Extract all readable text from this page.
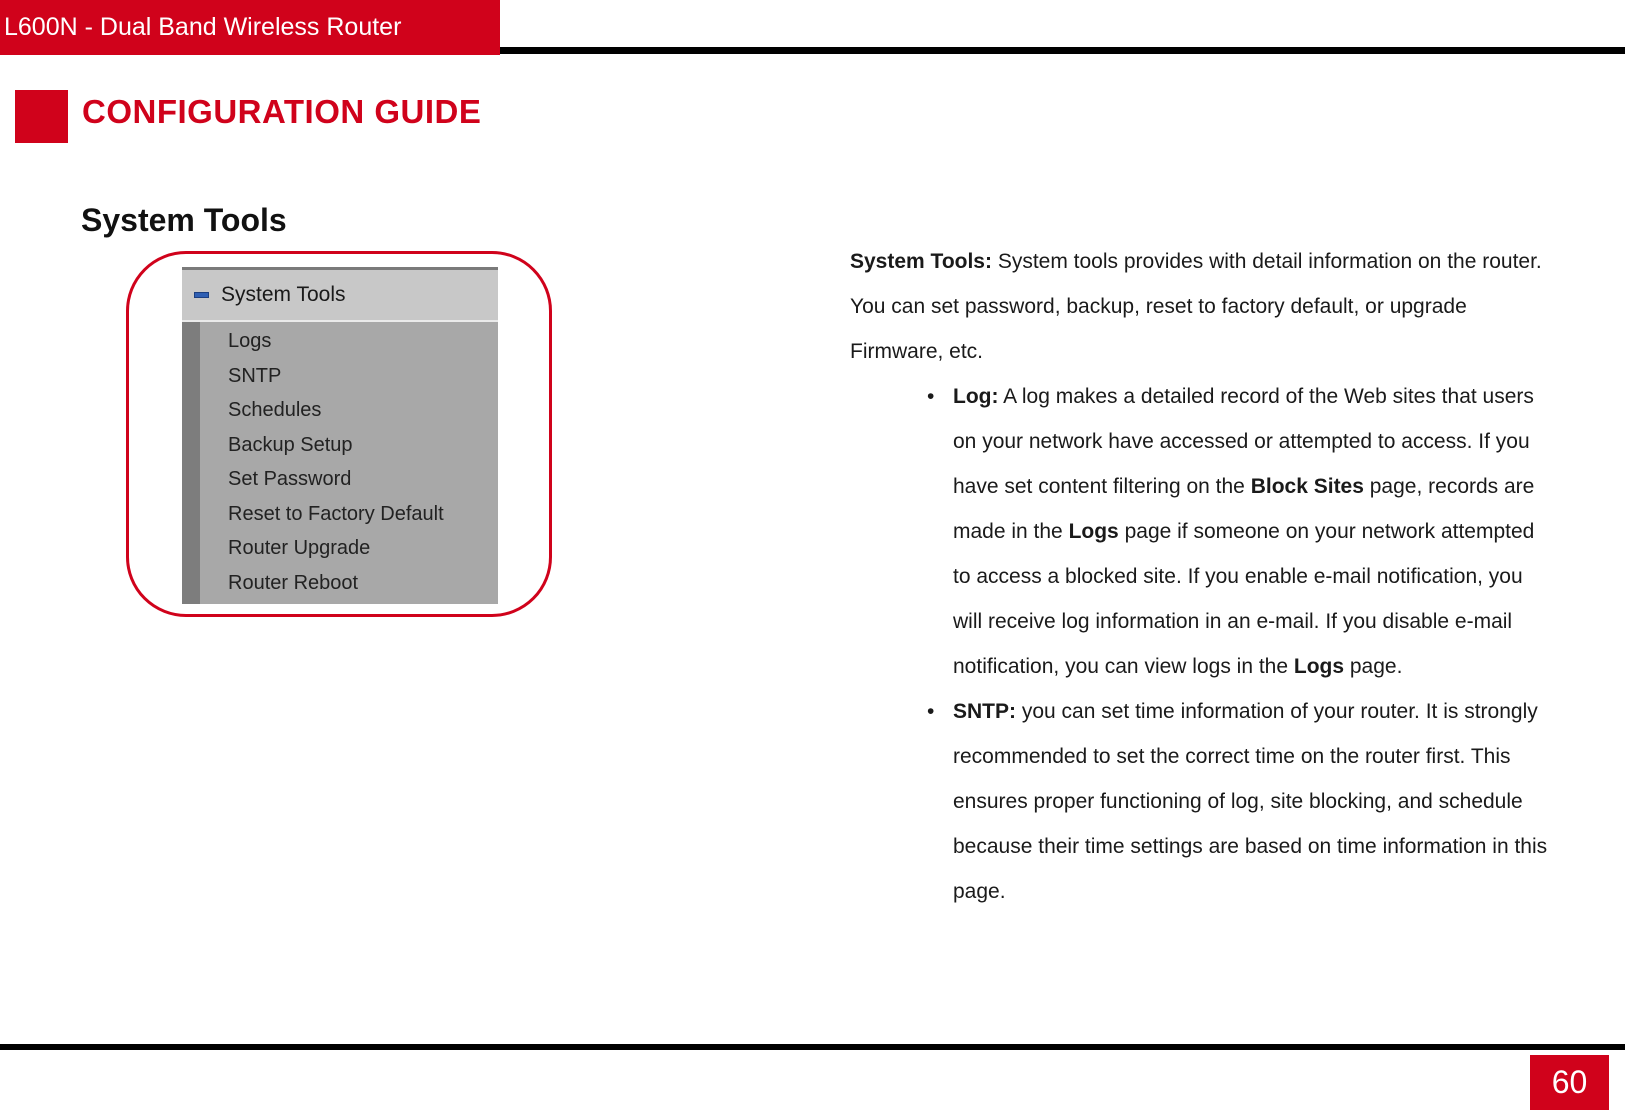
L600N - Dual Band Wireless Router
CONFIGURATION GUIDE
System Tools
System Tools
Logs
SNTP
Schedules
Backup Setup
Set Password
Reset to Factory Default
Router Upgrade
Router Reboot

System Tools: System tools provides with detail information on the router. You can set password, backup, reset to factory default, or upgrade Firmware, etc.

• Log: A log makes a detailed record of the Web sites that users on your network have accessed or attempted to access. If you have set content filtering on the Block Sites page, records are made in the Logs page if someone on your network attempted to access a blocked site. If you enable e-mail notification, you will receive log information in an e-mail. If you disable e-mail notification, you can view logs in the Logs page.
• SNTP: you can set time information of your router. It is strongly recommended to set the correct time on the router first. This ensures proper functioning of log, site blocking, and schedule because their time settings are based on time information in this page.
60
